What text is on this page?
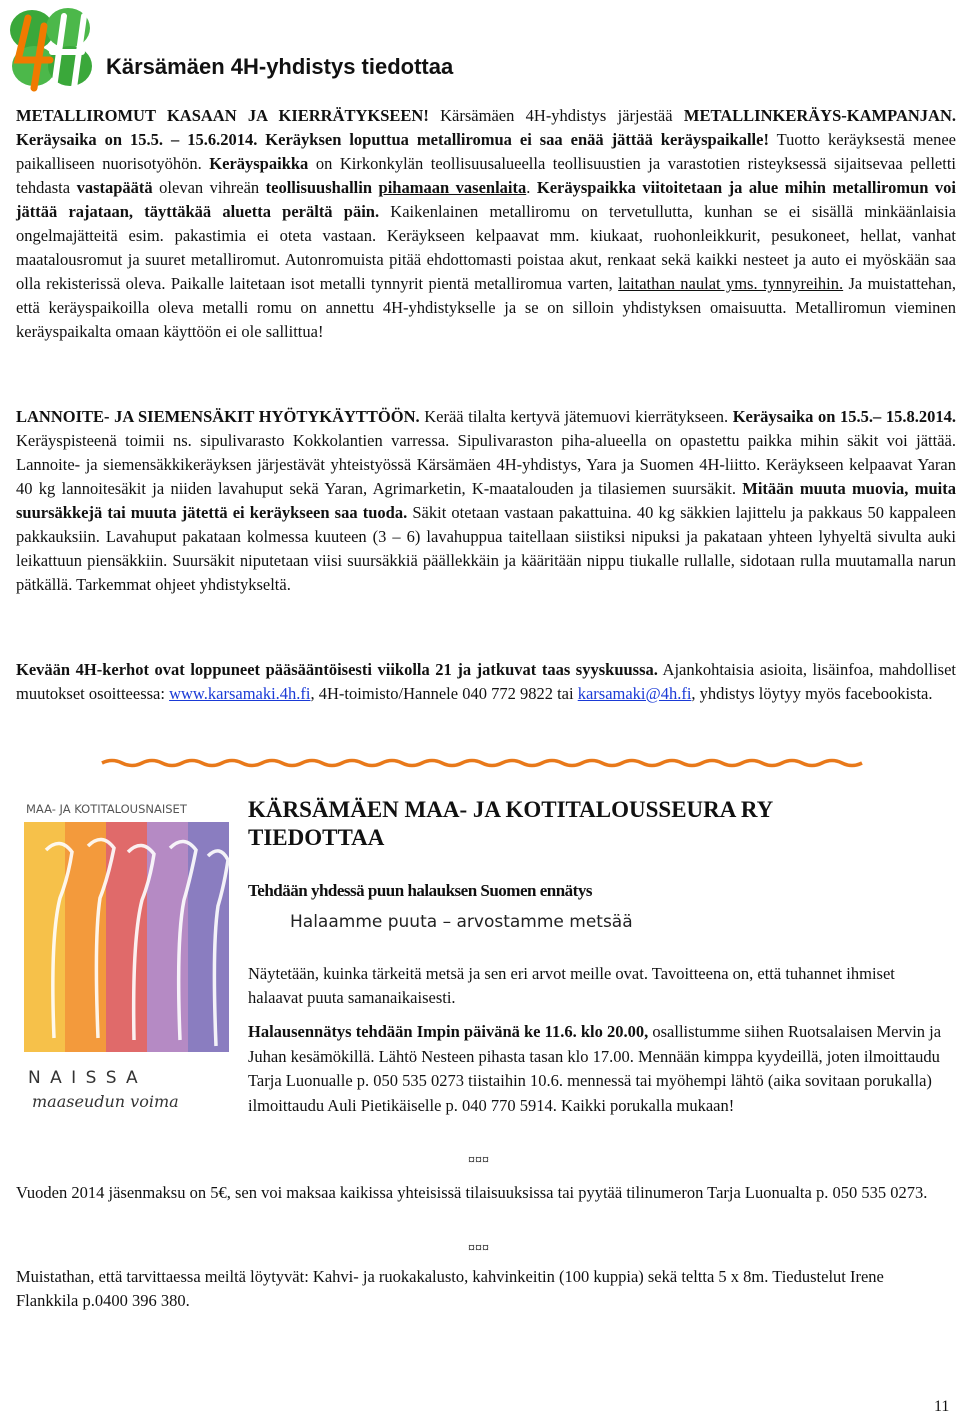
Kärsämäen 4H-yhdistys tiedottaa

METALLIROMUT KASAAN JA KIERRÄTYKSEEN! Kärsämäen 4H-yhdistys järjestää METALLINKERÄYS-KAMPANJAN. Keräysaika on 15.5. – 15.6.2014. Keräyksen loputtua metalliromua ei saa enää jättää keräyspaikalle! Tuotto keräyksestä menee paikalliseen nuorisotyöhön. Keräyspaikka on Kirkonkylän teollisuusalueella teollisuustien ja varastotien risteyksessä sijaitsevaa pelletti tehdasta vastapäätä olevan vihreän teollisuushallin pihamaan vasenlaita. Keräyspaikka viitoitetaan ja alue mihin metalliromun voi jättää rajataan, täyttäkää aluetta perältä päin. Kaikenlainen metalliromu on tervetullutta, kunhan se ei sisällä minkäänlaisia ongelmajätteitä esim. pakastimia ei oteta vastaan. Keräykseen kelpaavat mm. kiukaat, ruohonleikkurit, pesukoneet, hellat, vanhat maatalousromut ja suuret metalliromut. Autonromuista pitää ehdottomasti poistaa akut, renkaat sekä kaikki nesteet ja auto ei myöskään saa olla rekisterissä oleva. Paikalle laitetaan isot metalli tynnyrit pientä metalliromua varten, laitathan naulat yms. tynnyreihin. Ja muistattehan, että keräyspaikoilla oleva metalli romu on annettu 4H-yhdistykselle ja se on silloin yhdistyksen omaisuutta. Metalliromun vieminen keräyspaikalta omaan käyttöön ei ole sallittua!

LANNOITE- JA SIEMENSÄKIT HYÖTYKÄYTTÖÖN. Kerää tilalta kertyvä jätemuovi kierrätykseen. Keräysaika on 15.5.– 15.8.2014. Keräyspisteenä toimii ns. sipulivarasto Kokkolantien varressa. Sipulivaraston piha-alueella on opastettu paikka mihin säkit voi jättää. Lannoite- ja siemensäkkikeräyksen järjestävät yhteistyössä Kärsämäen 4H-yhdistys, Yara ja Suomen 4H-liitto. Keräykseen kelpaavat Yaran 40 kg lannoitesäkit ja niiden lavahuput sekä Yaran, Agrimarketin, K-maatalouden ja tilasiemen suursäkit. Mitään muuta muovia, muita suursäkkejä tai muuta jätettä ei keräykseen saa tuoda. Säkit otetaan vastaan pakattuina. 40 kg säkkien lajittelu ja pakkaus 50 kappaleen pakkauksiin. Lavahuput pakataan kolmessa kuuteen (3 – 6) lavahuppua taitellaan siistiksi nipuksi ja pakataan yhteen lyhyeltä sivulta auki leikattuun piensäkkiin. Suursäkit niputetaan viisi suursäkkiä päällekkäin ja kääritään nippu tiukalle rullalle, sidotaan rulla muutamalla narun pätkällä. Tarkemmat ohjeet yhdistykseltä.

Kevään 4H-kerhot ovat loppuneet pääsääntöisesti viikolla 21 ja jatkuvat taas syyskuussa. Ajankohtaisia asioita, lisäinfoa, mahdolliset muutokset osoitteessa: www.karsamaki.4h.fi, 4H-toimisto/Hannele 040 772 9822 tai karsamaki@4h.fi, yhdistys löytyy myös facebookista.

MAA- JA KOTITALOUSNAISET
N A I S S A
maaseudun voima
KÄRSÄMÄEN MAA- JA KOTITALOUSSEURA RY
TIEDOTTAA
Tehdään yhdessä puun halauksen Suomen ennätys
Halaamme puuta – arvostamme metsää

Näytetään, kuinka tärkeitä metsä ja sen eri arvot meille ovat. Tavoitteena on, että tuhannet ihmiset halaavat puuta samanaikaisesti.

Halausennätys tehdään Impin päivänä ke 11.6. klo 20.00, osallistumme siihen Ruotsalaisen Mervin ja Juhan kesämökillä. Lähtö Nesteen pihasta tasan klo 17.00. Mennään kimppa kyydeillä, joten ilmoittaudu Tarja Luonualle p. 050 535 0273 tiistaihin 10.6. mennessä tai myöhempi lähtö (aika sovitaan porukalla) ilmoittaudu Auli Pietikäiselle p. 040 770 5914. Kaikki porukalla mukaan!

¤¤¤

Vuoden 2014 jäsenmaksu on 5€, sen voi maksaa kaikissa yhteisissä tilaisuuksissa tai pyytää tilinumeron Tarja Luonualta p. 050 535 0273.

¤¤¤

Muistathan, että tarvittaessa meiltä löytyvät: Kahvi- ja ruokakalusto, kahvinkeitin (100 kuppia) sekä teltta 5 x 8m. Tiedustelut Irene Flankkila p.0400 396 380.

11
